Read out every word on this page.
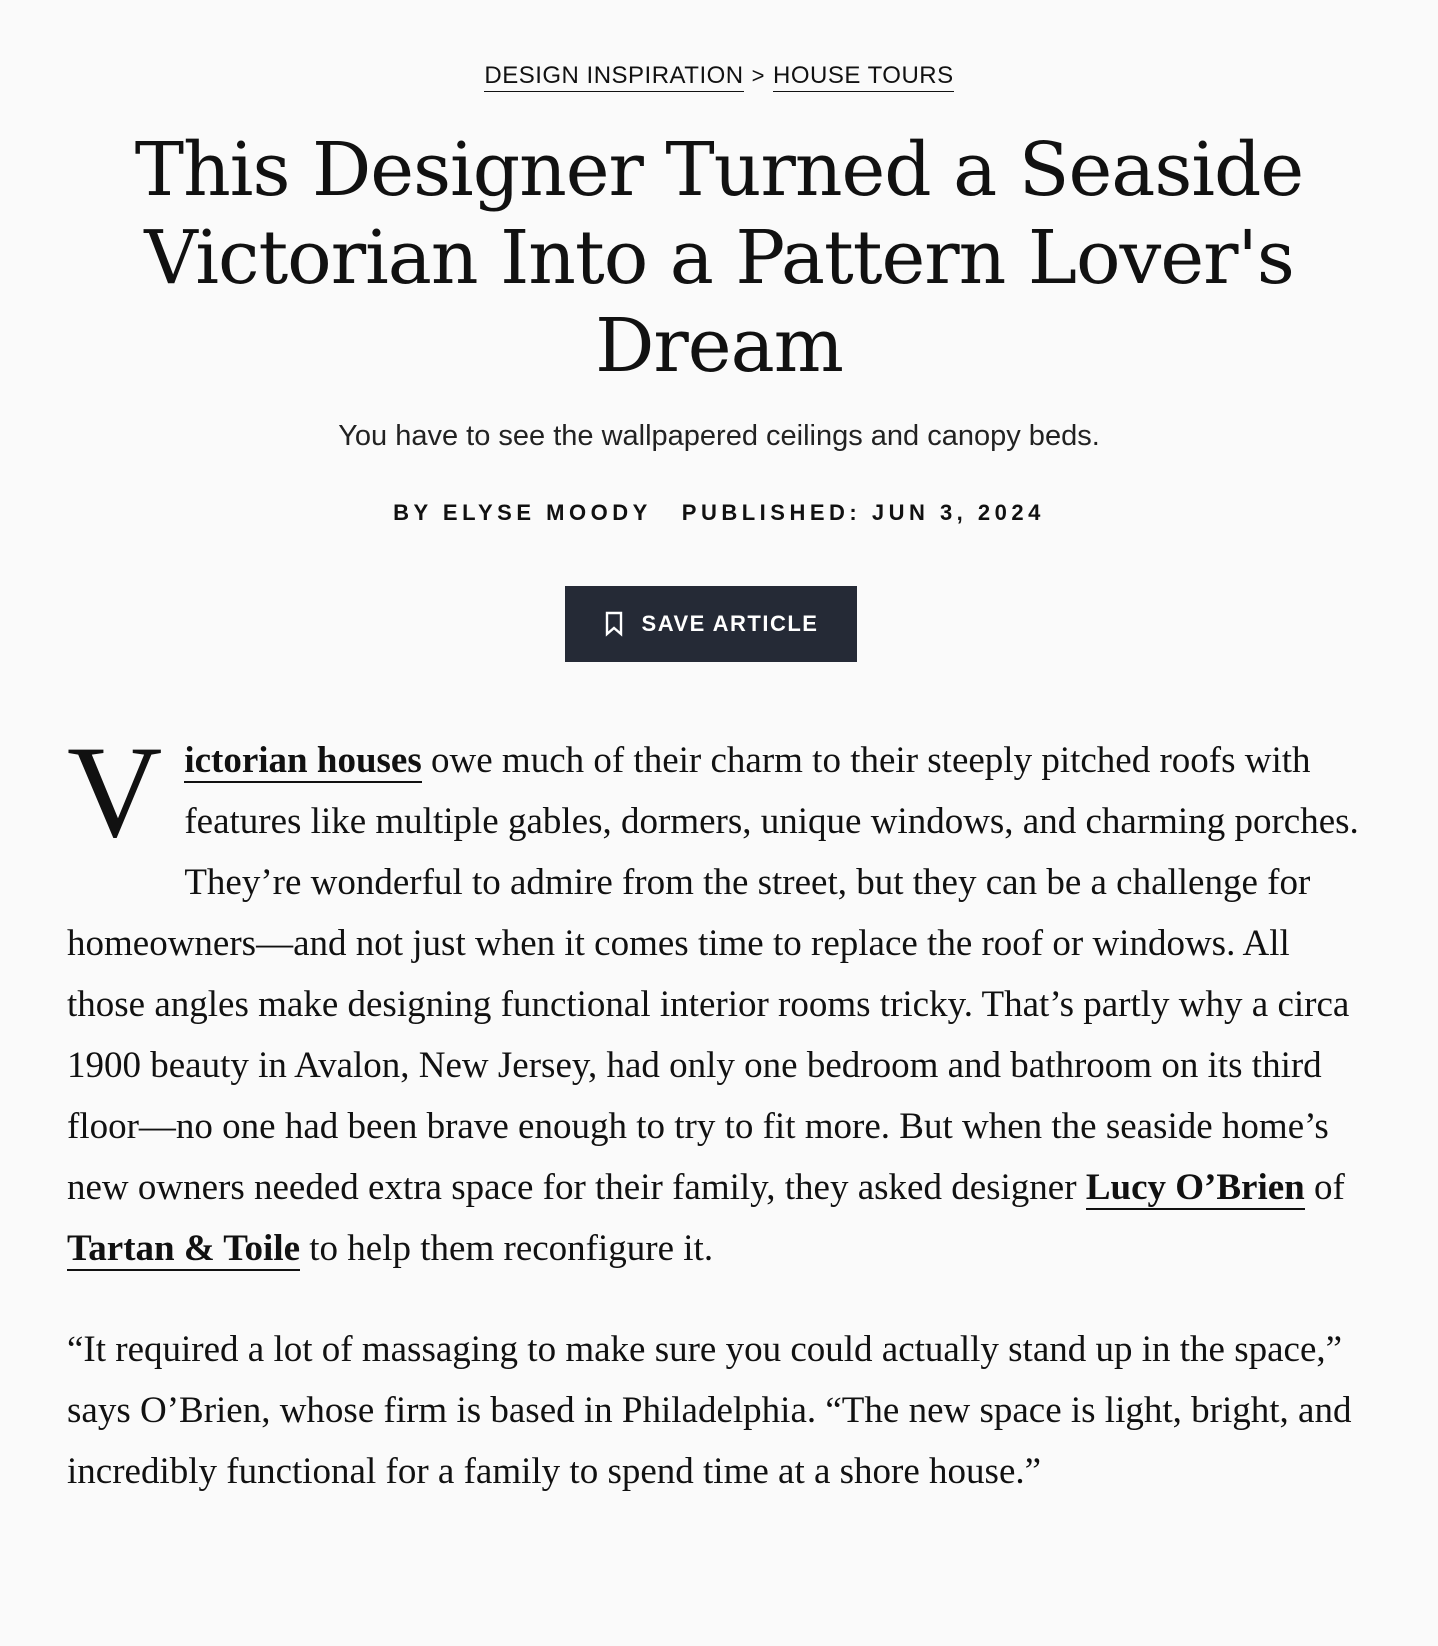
DESIGN INSPIRATION > HOUSE TOURS
This Designer Turned a Seaside Victorian Into a Pattern Lover's Dream
You have to see the wallpapered ceilings and canopy beds.
BY ELYSE MOODY PUBLISHED: JUN 3, 2024
SAVE ARTICLE

Victorian houses owe much of their charm to their steeply pitched roofs with features like multiple gables, dormers, unique windows, and charming porches. They’re wonderful to admire from the street, but they can be a challenge for homeowners—and not just when it comes time to replace the roof or windows. All those angles make designing functional interior rooms tricky. That’s partly why a circa 1900 beauty in Avalon, New Jersey, had only one bedroom and bathroom on its third floor—no one had been brave enough to try to fit more. But when the seaside home’s new owners needed extra space for their family, they asked designer Lucy O’Brien of Tartan & Toile to help them reconfigure it.

“It required a lot of massaging to make sure you could actually stand up in the space,” says O’Brien, whose firm is based in Philadelphia. “The new space is light, bright, and incredibly functional for a family to spend time at a shore house.”
